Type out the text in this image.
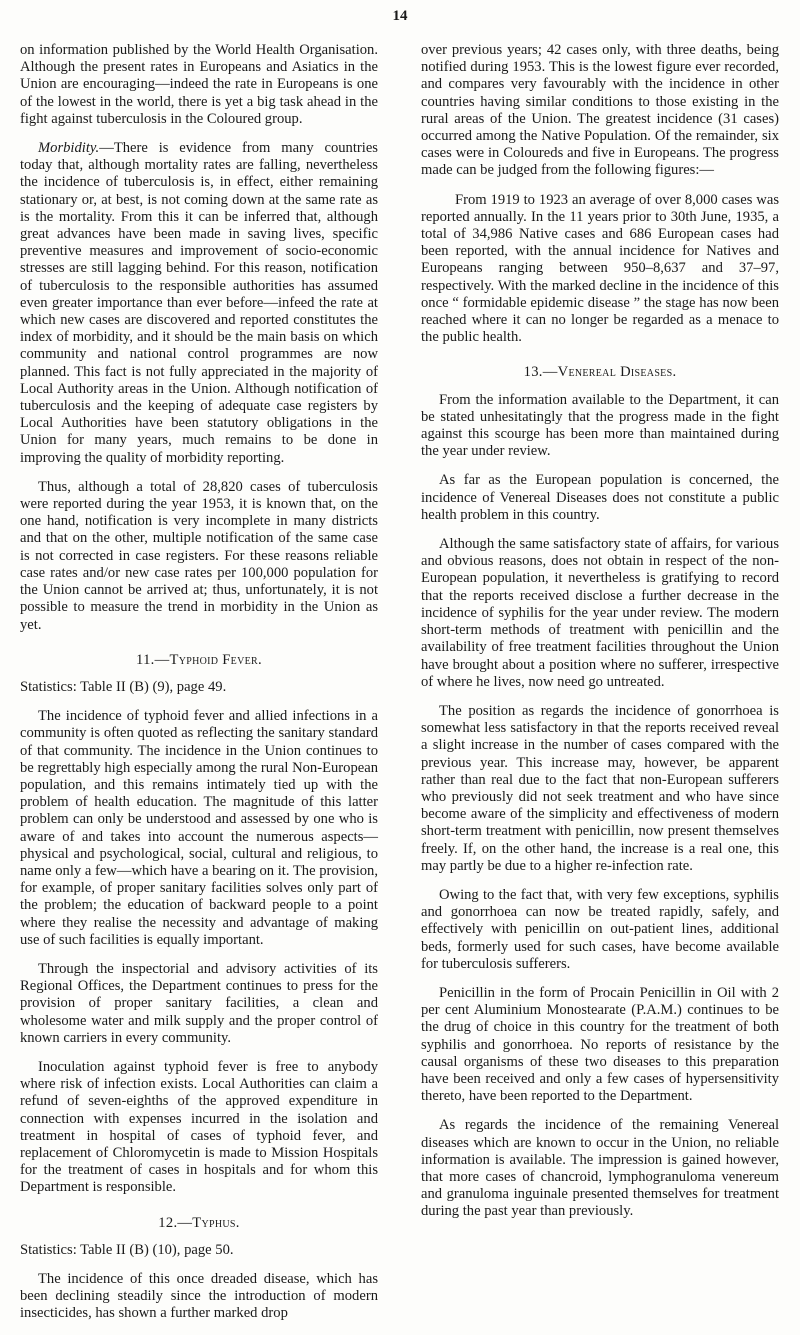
14

on information published by the World Health Organisation. Although the present rates in Europeans and Asiatics in the Union are encouraging—indeed the rate in Europeans is one of the lowest in the world, there is yet a big task ahead in the fight against tuberculosis in the Coloured group.

Morbidity.—There is evidence from many countries today that, although mortality rates are falling, nevertheless the incidence of tuberculosis is, in effect, either remaining stationary or, at best, is not coming down at the same rate as is the mortality. From this it can be inferred that, although great advances have been made in saving lives, specific preventive measures and improvement of socio-economic stresses are still lagging behind. For this reason, notification of tuberculosis to the responsible authorities has assumed even greater importance than ever before—infeed the rate at which new cases are discovered and reported constitutes the index of morbidity, and it should be the main basis on which community and national control programmes are now planned. This fact is not fully appreciated in the majority of Local Authority areas in the Union. Although notification of tuberculosis and the keeping of adequate case registers by Local Authorities have been statutory obligations in the Union for many years, much remains to be done in improving the quality of morbidity reporting.

Thus, although a total of 28,820 cases of tuberculosis were reported during the year 1953, it is known that, on the one hand, notification is very incomplete in many districts and that on the other, multiple notification of the same case is not corrected in case registers. For these reasons reliable case rates and/or new case rates per 100,000 population for the Union cannot be arrived at; thus, unfortunately, it is not possible to measure the trend in morbidity in the Union as yet.

11.—Typhoid Fever.
Statistics: Table II (B) (9), page 49.

The incidence of typhoid fever and allied infections in a community is often quoted as reflecting the sanitary standard of that community. The incidence in the Union continues to be regrettably high especially among the rural Non-European population, and this remains intimately tied up with the problem of health education. The magnitude of this latter problem can only be understood and assessed by one who is aware of and takes into account the numerous aspects—physical and psychological, social, cultural and religious, to name only a few—which have a bearing on it. The provision, for example, of proper sanitary facilities solves only part of the problem; the education of backward people to a point where they realise the necessity and advantage of making use of such facilities is equally important.

Through the inspectorial and advisory activities of its Regional Offices, the Department continues to press for the provision of proper sanitary facilities, a clean and wholesome water and milk supply and the proper control of known carriers in every community.

Inoculation against typhoid fever is free to anybody where risk of infection exists. Local Authorities can claim a refund of seven-eighths of the approved expenditure in connection with expenses incurred in the isolation and treatment in hospital of cases of typhoid fever, and replacement of Chloromycetin is made to Mission Hospitals for the treatment of cases in hospitals and for whom this Department is responsible.

12.—Typhus.
Statistics: Table II (B) (10), page 50.

The incidence of this once dreaded disease, which has been declining steadily since the introduction of modern insecticides, has shown a further marked drop

over previous years; 42 cases only, with three deaths, being notified during 1953. This is the lowest figure ever recorded, and compares very favourably with the incidence in other countries having similar conditions to those existing in the rural areas of the Union. The greatest incidence (31 cases) occurred among the Native Population. Of the remainder, six cases were in Coloureds and five in Europeans. The progress made can be judged from the following figures:—

From 1919 to 1923 an average of over 8,000 cases was reported annually. In the 11 years prior to 30th June, 1935, a total of 34,986 Native cases and 686 European cases had been reported, with the annual incidence for Natives and Europeans ranging between 950–8,637 and 37–97, respectively. With the marked decline in the incidence of this once “ formidable epidemic disease ” the stage has now been reached where it can no longer be regarded as a menace to the public health.

13.—Venereal Diseases.

From the information available to the Department, it can be stated unhesitatingly that the progress made in the fight against this scourge has been more than maintained during the year under review.

As far as the European population is concerned, the incidence of Venereal Diseases does not constitute a public health problem in this country.

Although the same satisfactory state of affairs, for various and obvious reasons, does not obtain in respect of the non-European population, it nevertheless is gratifying to record that the reports received disclose a further decrease in the incidence of syphilis for the year under review. The modern short-term methods of treatment with penicillin and the availability of free treatment facilities throughout the Union have brought about a position where no sufferer, irrespective of where he lives, now need go untreated.

The position as regards the incidence of gonorrhoea is somewhat less satisfactory in that the reports received reveal a slight increase in the number of cases compared with the previous year. This increase may, however, be apparent rather than real due to the fact that non-European sufferers who previously did not seek treatment and who have since become aware of the simplicity and effectiveness of modern short-term treatment with penicillin, now present themselves freely. If, on the other hand, the increase is a real one, this may partly be due to a higher re-infection rate.

Owing to the fact that, with very few exceptions, syphilis and gonorrhoea can now be treated rapidly, safely, and effectively with penicillin on out-patient lines, additional beds, formerly used for such cases, have become available for tuberculosis sufferers.

Penicillin in the form of Procain Penicillin in Oil with 2 per cent Aluminium Monostearate (P.A.M.) continues to be the drug of choice in this country for the treatment of both syphilis and gonorrhoea. No reports of resistance by the causal organisms of these two diseases to this preparation have been received and only a few cases of hypersensitivity thereto, have been reported to the Department.

As regards the incidence of the remaining Venereal diseases which are known to occur in the Union, no reliable information is available. The impression is gained however, that more cases of chancroid, lymphogranuloma venereum and granuloma inguinale presented themselves for treatment during the past year than previously.
